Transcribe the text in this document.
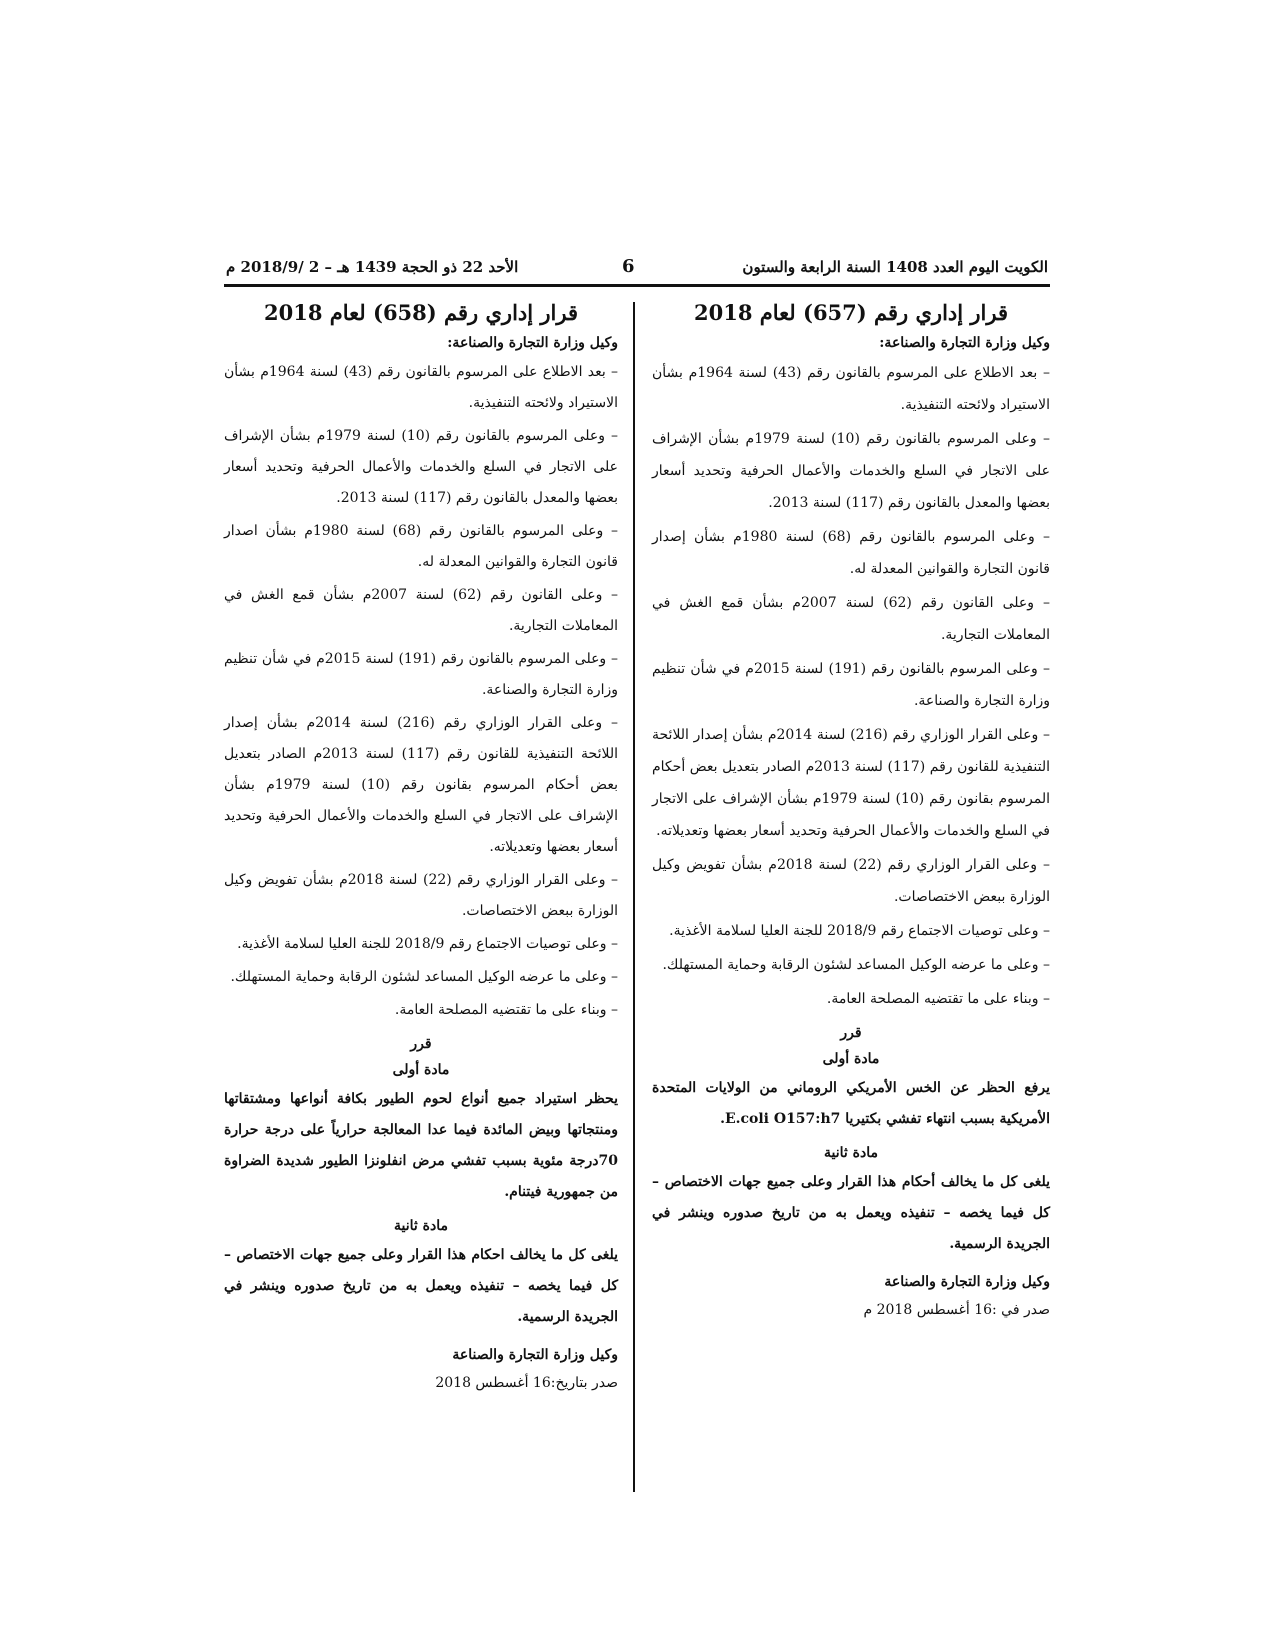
الكويت اليوم العدد 1408 السنة الرابعة والستون
6
الأحد 22 ذو الحجة 1439 هـ – 2 /2018/9 م
قرار إداري رقم (657) لعام 2018
وكيل وزارة التجارة والصناعة:
– بعد الاطلاع على المرسوم بالقانون رقم (43) لسنة 1964م بشأن الاستيراد ولائحته التنفيذية.
– وعلى المرسوم بالقانون رقم (10) لسنة 1979م بشأن الإشراف على الاتجار في السلع والخدمات والأعمال الحرفية وتحديد أسعار بعضها والمعدل بالقانون رقم (117) لسنة 2013.
– وعلى المرسوم بالقانون رقم (68) لسنة 1980م بشأن إصدار قانون التجارة والقوانين المعدلة له.
– وعلى القانون رقم (62) لسنة 2007م بشأن قمع الغش في المعاملات التجارية.
– وعلى المرسوم بالقانون رقم (191) لسنة 2015م في شأن تنظيم وزارة التجارة والصناعة.
– وعلى القرار الوزاري رقم (216) لسنة 2014م بشأن إصدار اللائحة التنفيذية للقانون رقم (117) لسنة 2013م الصادر بتعديل بعض أحكام المرسوم بقانون رقم (10) لسنة 1979م بشأن الإشراف على الاتجار في السلع والخدمات والأعمال الحرفية وتحديد أسعار بعضها وتعديلاته.
– وعلى القرار الوزاري رقم (22) لسنة 2018م بشأن تفويض وكيل الوزارة ببعض الاختصاصات.
– وعلى توصيات الاجتماع رقم 2018/9 للجنة العليا لسلامة الأغذية.
– وعلى ما عرضه الوكيل المساعد لشئون الرقابة وحماية المستهلك.
– وبناء على ما تقتضيه المصلحة العامة.
قرر
مادة أولى
يرفع الحظر عن الخس الأمريكي الروماني من الولايات المتحدة الأمريكية بسبب انتهاء تفشي بكتيريا E.coli O157:h7.
مادة ثانية
يلغى كل ما يخالف أحكام هذا القرار وعلى جميع جهات الاختصاص – كل فيما يخصه – تنفيذه ويعمل به من تاريخ صدوره وينشر في الجريدة الرسمية.
وكيل وزارة التجارة والصناعة
صدر في :16 أغسطس 2018 م
قرار إداري رقم (658) لعام 2018
وكيل وزارة التجارة والصناعة:
– بعد الاطلاع على المرسوم بالقانون رقم (43) لسنة 1964م بشأن الاستيراد ولائحته التنفيذية.
– وعلى المرسوم بالقانون رقم (10) لسنة 1979م بشأن الإشراف على الاتجار في السلع والخدمات والأعمال الحرفية وتحديد أسعار بعضها والمعدل بالقانون رقم (117) لسنة 2013.
– وعلى المرسوم بالقانون رقم (68) لسنة 1980م بشأن اصدار قانون التجارة والقوانين المعدلة له.
– وعلى القانون رقم (62) لسنة 2007م بشأن قمع الغش في المعاملات التجارية.
– وعلى المرسوم بالقانون رقم (191) لسنة 2015م في شأن تنظيم وزارة التجارة والصناعة.
– وعلى القرار الوزاري رقم (216) لسنة 2014م بشأن إصدار اللائحة التنفيذية للقانون رقم (117) لسنة 2013م الصادر بتعديل بعض أحكام المرسوم بقانون رقم (10) لسنة 1979م بشأن الإشراف على الاتجار في السلع والخدمات والأعمال الحرفية وتحديد أسعار بعضها وتعديلاته.
– وعلى القرار الوزاري رقم (22) لسنة 2018م بشأن تفويض وكيل الوزارة ببعض الاختصاصات.
– وعلى توصيات الاجتماع رقم 2018/9 للجنة العليا لسلامة الأغذية.
– وعلى ما عرضه الوكيل المساعد لشئون الرقابة وحماية المستهلك.
– وبناء على ما تقتضيه المصلحة العامة.
قرر
مادة أولى
يحظر استيراد جميع أنواع لحوم الطيور بكافة أنواعها ومشتقاتها ومنتجاتها وبيض المائدة فيما عدا المعالجة حرارياً على درجة حرارة 70درجة مئوية بسبب تفشي مرض انفلونزا الطيور شديدة الضراوة من جمهورية فيتنام.
مادة ثانية
يلغى كل ما يخالف احكام هذا القرار وعلى جميع جهات الاختصاص – كل فيما يخصه – تنفيذه ويعمل به من تاريخ صدوره وينشر في الجريدة الرسمية.
وكيل وزارة التجارة والصناعة
صدر بتاريخ:16 أغسطس 2018
